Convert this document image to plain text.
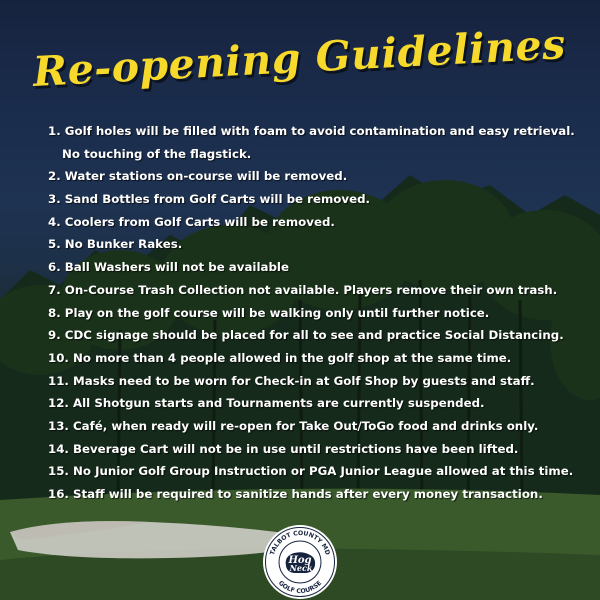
Re-opening Guidelines
1. Golf holes will be filled with foam to avoid contamination and easy retrieval.
No touching of the flagstick.
2. Water stations on-course will be removed.
3. Sand Bottles from Golf Carts will be removed.
4. Coolers from Golf Carts will be removed.
5. No Bunker Rakes.
6. Ball Washers will not be available
7. On-Course Trash Collection not available. Players remove their own trash.
8. Play on the golf course will be walking only until further notice.
9. CDC signage should be placed for all to see and practice Social Distancing.
10. No more than 4 people allowed in the golf shop at the same time.
11. Masks need to be worn for Check-in at Golf Shop by guests and staff.
12. All Shotgun starts and Tournaments are currently suspended.
13. Café, when ready will re-open for Take Out/ToGo food and drinks only.
14. Beverage Cart will not be in use until restrictions have been lifted.
15. No Junior Golf Group Instruction or PGA Junior League allowed at this time.
16. Staff will be required to sanitize hands after every money transaction.
TALBOT COUNTY MD
GOLF COURSE
Hog
Neck
